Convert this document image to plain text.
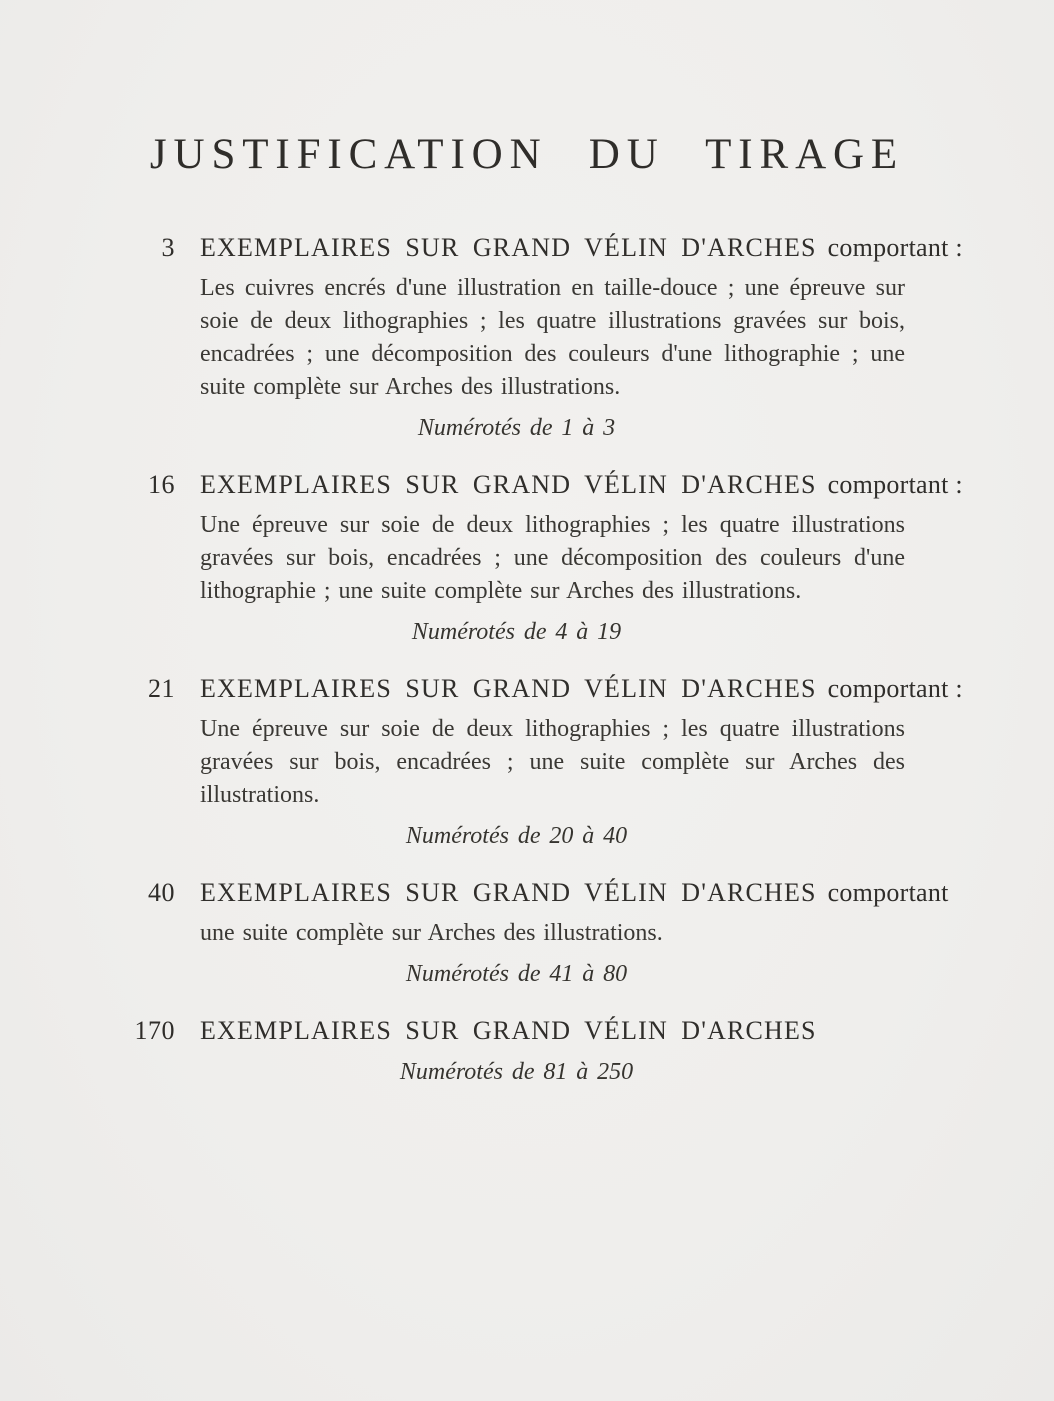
JUSTIFICATION DU TIRAGE
3 EXEMPLAIRES SUR GRAND VÉLIN D'ARCHES comportant :

Les cuivres encrés d'une illustration en taille-douce ; une épreuve sur soie de deux lithographies ; les quatre illustrations gravées sur bois, encadrées ; une décomposition des couleurs d'une lithographie ; une suite complète sur Arches des illustrations.

Numérotés de 1 à 3

16 EXEMPLAIRES SUR GRAND VÉLIN D'ARCHES comportant :

Une épreuve sur soie de deux lithographies ; les quatre illustrations gravées sur bois, encadrées ; une décomposition des couleurs d'une lithographie ; une suite complète sur Arches des illustrations.

Numérotés de 4 à 19

21 EXEMPLAIRES SUR GRAND VÉLIN D'ARCHES comportant :

Une épreuve sur soie de deux lithographies ; les quatre illustrations gravées sur bois, encadrées ; une suite complète sur Arches des illustrations.

Numérotés de 20 à 40

40 EXEMPLAIRES SUR GRAND VÉLIN D'ARCHES comportant

une suite complète sur Arches des illustrations.

Numérotés de 41 à 80

170 EXEMPLAIRES SUR GRAND VÉLIN D'ARCHES

Numérotés de 81 à 250
